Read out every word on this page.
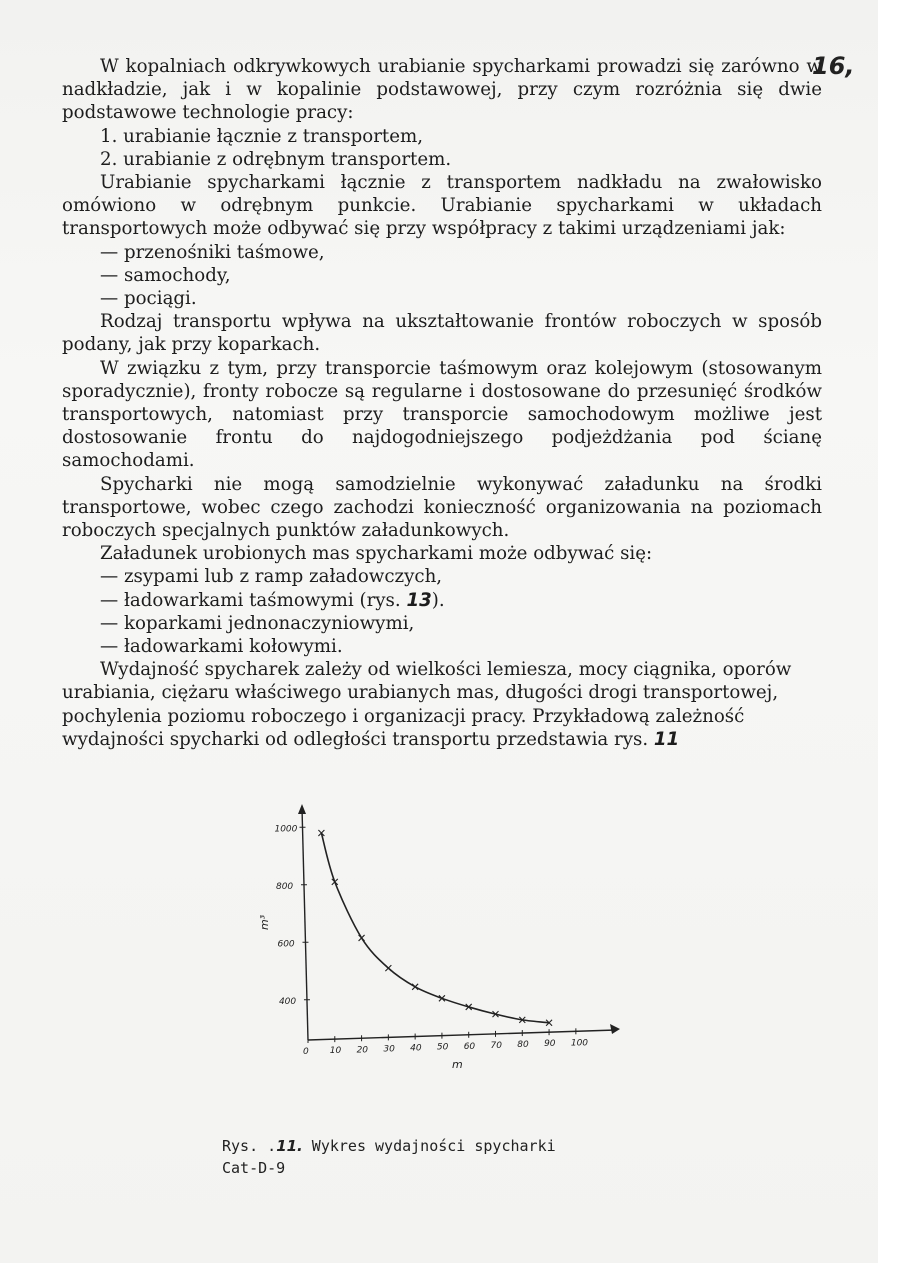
16,

W kopalniach odkrywkowych urabianie spycharkami prowadzi się zarówno w nadkładzie, jak i w kopalinie podstawowej, przy czym rozróżnia się dwie podstawowe technologie pracy:

1. urabianie łącznie z transportem,

2. urabianie z odrębnym transportem.

Urabianie spycharkami łącznie z transportem nadkładu na zwałowisko omówiono w odrębnym punkcie. Urabianie spycharkami w układach transportowych może odbywać się przy współpracy z takimi urządzeniami jak:

— przenośniki taśmowe,

— samochody,

— pociągi.

Rodzaj transportu wpływa na ukształtowanie frontów roboczych w sposób podany, jak przy koparkach.

W związku z tym, przy transporcie taśmowym oraz kolejowym (stosowanym sporadycznie), fronty robocze są regularne i dostosowane do przesunięć środków transportowych, natomiast przy transporcie samochodowym możliwe jest dostosowanie frontu do najdogodniejszego podjeżdżania pod ścianę samochodami.

Spycharki nie mogą samodzielnie wykonywać załadunku na środki transportowe, wobec czego zachodzi konieczność organizowania na poziomach roboczych specjalnych punktów załadunkowych.

Załadunek urobionych mas spycharkami może odbywać się:

— zsypami lub z ramp załadowczych,

— ładowarkami taśmowymi (rys. 13).

— koparkami jednonaczyniowymi,

— ładowarkami kołowymi.

Wydajność spycharek zależy od wielkości lemiesza, mocy ciągnika, oporów urabiania, ciężaru właściwego urabianych mas, długości drogi transportowej, pochylenia poziomu roboczego i organizacji pracy. Przykładową zależność wydajności spycharki od odległości transportu przedstawia rys. 11

0 10 20 30 40 50 60 70 80 90 100
400
600
800
1000
m
m³
Rys. .11. Wykres wydajności spycharki
Cat-D-9
